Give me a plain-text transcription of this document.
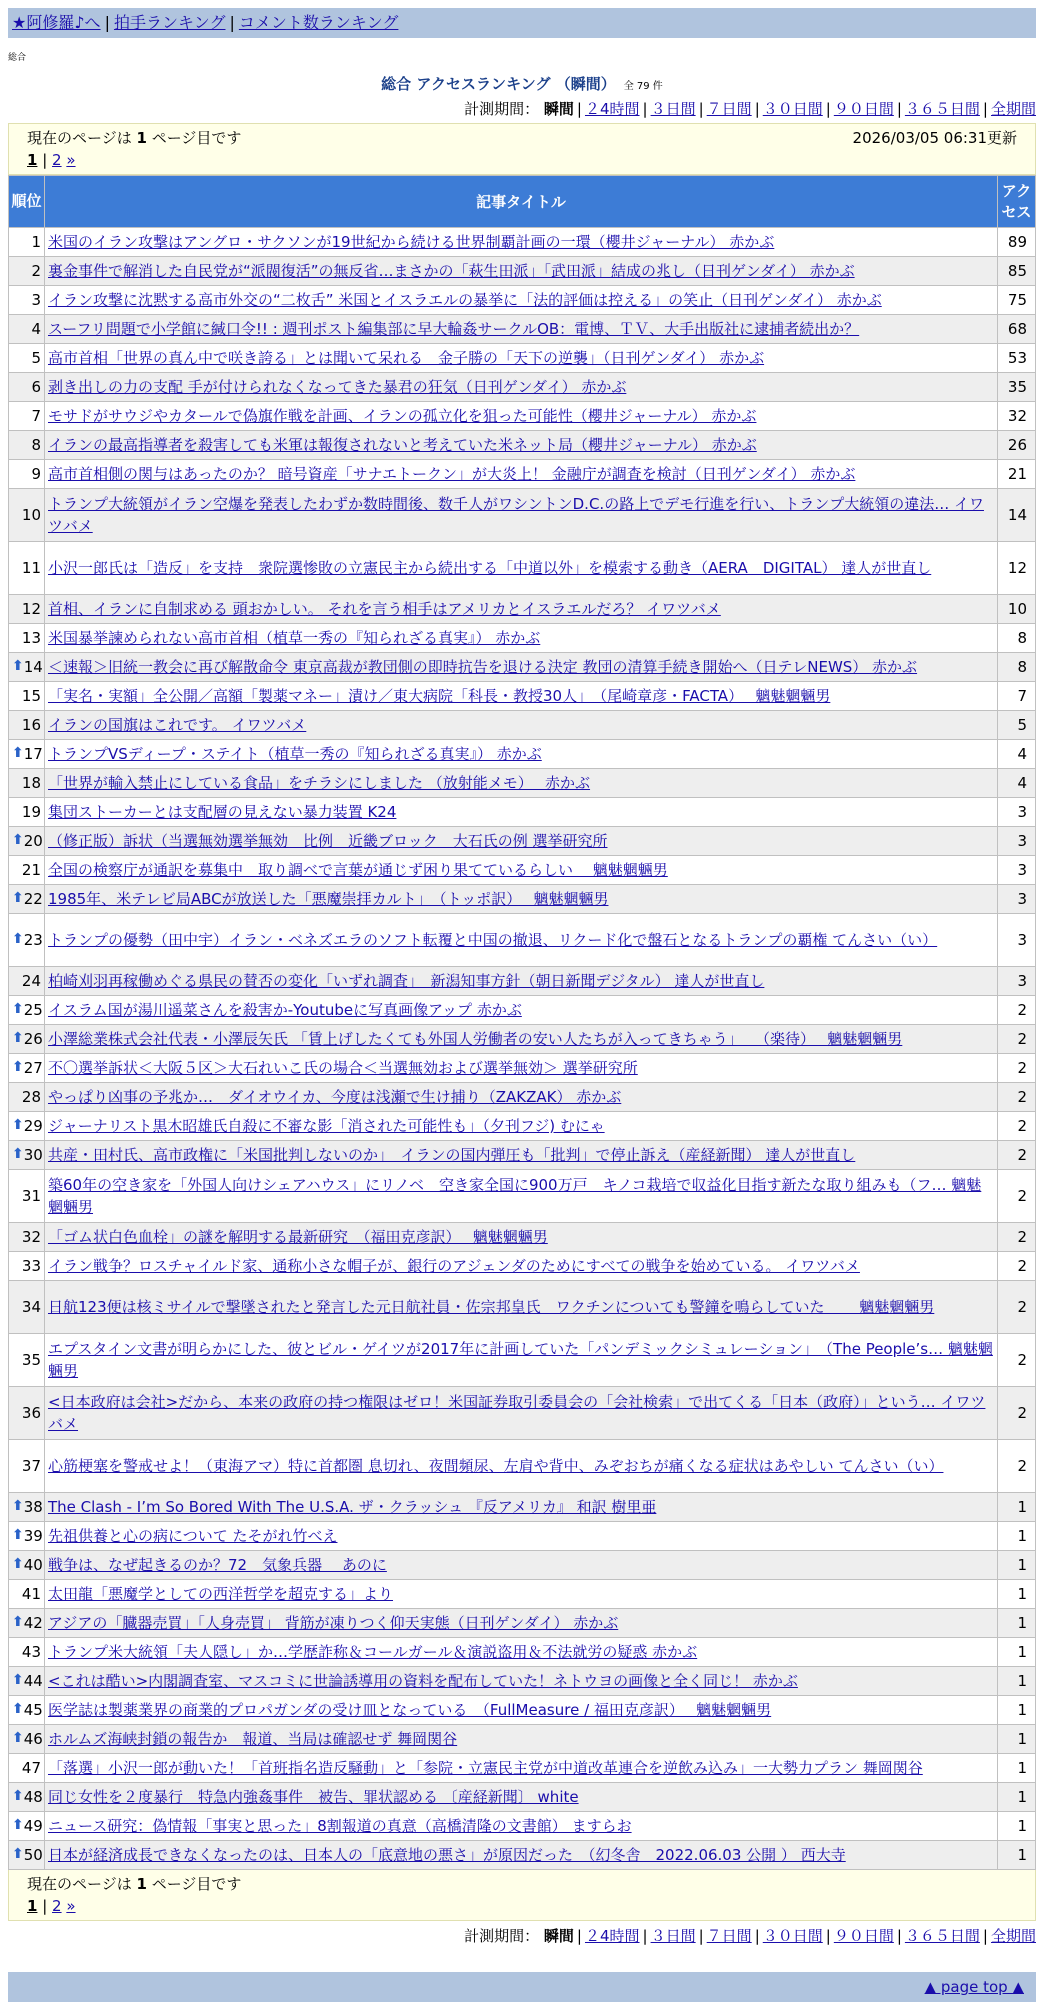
★阿修羅♪へ | 拍手ランキング | コメント数ランキング
総合
総合 アクセスランキング （瞬間） 全 79 件
計測期間： 瞬間 | ２4時間 | ３日間 | ７日間 | ３０日間 | ９０日間 | ３６５日間 | 全期間
現在のページは 1 ページ目です	2026/03/05 06:31更新
1 | 2 »
順位	記事タイトル	アクセス
1	米国のイラン攻撃はアングロ・サクソンが19世紀から続ける世界制覇計画の一環（櫻井ジャーナル） 赤かぶ	89
2	裏金事件で解消した自民党が“派閥復活”の無反省…まさかの「萩生田派」「武田派」結成の兆し（日刊ゲンダイ） 赤かぶ	85
3	イラン攻撃に沈黙する高市外交の“二枚舌” 米国とイスラエルの暴挙に「法的評価は控える」の笑止（日刊ゲンダイ） 赤かぶ	75
4	スーフリ問題で小学館に緘口令!! : 週刊ポスト編集部に早大輪姦サークルOB：電博、ＴＶ、大手出版社に逮捕者続出か？	68
5	高市首相「世界の真ん中で咲き誇る」とは聞いて呆れる　金子勝の「天下の逆襲」（日刊ゲンダイ） 赤かぶ	53
6	剥き出しの力の支配 手が付けられなくなってきた暴君の狂気（日刊ゲンダイ） 赤かぶ	35
7	モサドがサウジやカタールで偽旗作戦を計画、イランの孤立化を狙った可能性（櫻井ジャーナル） 赤かぶ	32
8	イランの最高指導者を殺害しても米軍は報復されないと考えていた米ネット局（櫻井ジャーナル） 赤かぶ	26
9	高市首相側の関与はあったのか？ 暗号資産「サナエトークン」が大炎上！ 金融庁が調査を検討（日刊ゲンダイ） 赤かぶ	21
10	トランプ大統領がイラン空爆を発表したわずか数時間後、数千人がワシントンD.C.の路上でデモ行進を行い、トランプ大統領の違法… イワツバメ	14
11	小沢一郎氏は「造反」を支持　衆院選惨敗の立憲民主から続出する「中道以外」を模索する動き（AERA　DIGITAL） 達人が世直し	12
12	首相、イランに自制求める 頭おかしい。 それを言う相手はアメリカとイスラエルだろ？ イワツバメ	10
13	米国暴挙諫められない高市首相（植草一秀の『知られざる真実』） 赤かぶ	8

⬆ 14	＜速報＞旧統一教会に再び解散命令 東京高裁が教団側の即時抗告を退ける決定 教団の清算手続き開始へ（日テレNEWS） 赤かぶ	8
15	「実名・実額」全公開／高額「製薬マネー」漬け／東大病院「科長・教授30人」　（尾崎章彦・FACTA）　 魑魅魍魎男	7
16	イランの国旗はこれです。 イワツバメ	5

⬆ 17	トランプVSディープ・ステイト（植草一秀の『知られざる真実』） 赤かぶ	4
18	「世界が輸入禁止にしている食品」をチラシにしました （放射能メモ）　 赤かぶ	4
19	集団ストーカーとは支配層の見えない暴力装置 K24	3

⬆ 20	（修正版）訴状（当選無効選挙無効　比例　近畿ブロック　大石氏の例 選挙研究所	3
21	全国の検察庁が通訳を募集中　取り調べで言葉が通じず困り果てているらしい　 魑魅魍魎男	3

⬆ 22	1985年、米テレビ局ABCが放送した「悪魔崇拝カルト」　（トッポ訳）　 魑魅魍魎男	3

⬆ 23	トランプの優勢（田中宇）イラン・ベネズエラのソフト転覆と中国の撤退、リクード化で盤石となるトランプの覇権 てんさい（い）	3
24	柏崎刈羽再稼働めぐる県民の賛否の変化「いずれ調査」　新潟知事方針（朝日新聞デジタル） 達人が世直し	3

⬆ 25	イスラム国が湯川遥菜さんを殺害か-Youtubeに写真画像アップ 赤かぶ	2

⬆ 26	小澤総業株式会社代表・小澤辰矢氏 「賃上げしたくても外国人労働者の安い人たちが入ってきちゃう」 　（楽待）　 魑魅魍魎男	2

⬆ 27	不〇選挙訴状＜大阪５区＞大石れいこ氏の場合＜当選無効および選挙無効＞ 選挙研究所	2
28	やっぱり凶事の予兆か…　ダイオウイカ、今度は浅瀬で生け捕り（ZAKZAK） 赤かぶ	2

⬆ 29	ジャーナリスト黒木昭雄氏自殺に不審な影「消された可能性も」（夕刊フジ) むにゃ	2

⬆ 30	共産・田村氏、高市政権に「米国批判しないのか」　イランの国内弾圧も「批判」で停止訴え（産経新聞） 達人が世直し	2
31	築60年の空き家を「外国人向けシェアハウス」にリノベ　空き家全国に900万戸　キノコ栽培で収益化目指す新たな取り組みも（フ… 魑魅魍魎男	2
32	「ゴム状白色血栓」の謎を解明する最新研究　（福田克彦訳）　 魑魅魍魎男	2
33	イラン戦争？ロスチャイルド家、通称小さな帽子が、銀行のアジェンダのためにすべての戦争を始めている。 イワツバメ	2
34	日航123便は核ミサイルで撃墜されたと発言した元日航社員・佐宗邦皇氏　ワクチンについても警鐘を鳴らしていた　　 魑魅魍魎男	2
35	エプスタイン文書が明らかにした、彼とビル・ゲイツが2017年に計画していた「パンデミックシミュレーション」　（The People’s… 魑魅魍魎男	2
36	<日本政府は会社>だから、本来の政府の持つ権限はゼロ！米国証券取引委員会の「会社検索」で出てくる「日本（政府）」という… イワツバメ	2
37	心筋梗塞を警戒せよ！（東海アマ）特に首都圏 息切れ、夜間頻尿、左肩や背中、みぞおちが痛くなる症状はあやしい てんさい（い）	2

⬆ 38	The Clash - I’m So Bored With The U.S.A. ザ・クラッシュ 『反アメリカ』 和訳 樹里亜	1

⬆ 39	先祖供養と心の病について たそがれ竹べえ	1

⬆ 40	戦争は、なぜ起きるのか？72　気象兵器　 あのに	1
41	太田龍「悪魔学としての西洋哲学を超克する」より	1

⬆ 42	アジアの「臓器売買」「人身売買」 背筋が凍りつく仰天実態（日刊ゲンダイ） 赤かぶ	1
43	トランプ米大統領「夫人隠し」か…学歴詐称＆コールガール＆演説盗用＆不法就労の疑惑 赤かぶ	1

⬆ 44	<これは酷い>内閣調査室、マスコミに世論誘導用の資料を配布していた！ネトウヨの画像と全く同じ！ 赤かぶ	1

⬆ 45	医学誌は製薬業界の商業的プロパガンダの受け皿となっている　（FullMeasure / 福田克彦訳）　 魑魅魍魎男	1

⬆ 46	ホルムズ海峡封鎖の報告か　報道、当局は確認せず 舞岡関谷	1
47	「落選」小沢一郎が動いた！「首班指名造反騒動」と「参院・立憲民主党が中道改革連合を逆飲み込み」一大勢力プラン 舞岡関谷	1

⬆ 48	同じ女性を２度暴行　特急内強姦事件　被告、罪状認める 〔産経新聞〕 white	1

⬆ 49	ニュース研究：偽情報「事実と思った」8割報道の真意（高橋清隆の文書館） ますらお	1

⬆ 50	日本が経済成長できなくなったのは、日本人の「底意地の悪さ」が原因だった　（幻冬舎　2022.06.03 公開 ） 西大寺	1
現在のページは 1 ページ目です
1 | 2 »
計測期間： 瞬間 | ２4時間 | ３日間 | ７日間 | ３０日間 | ９０日間 | ３６５日間 | 全期間
▲ page top ▲
